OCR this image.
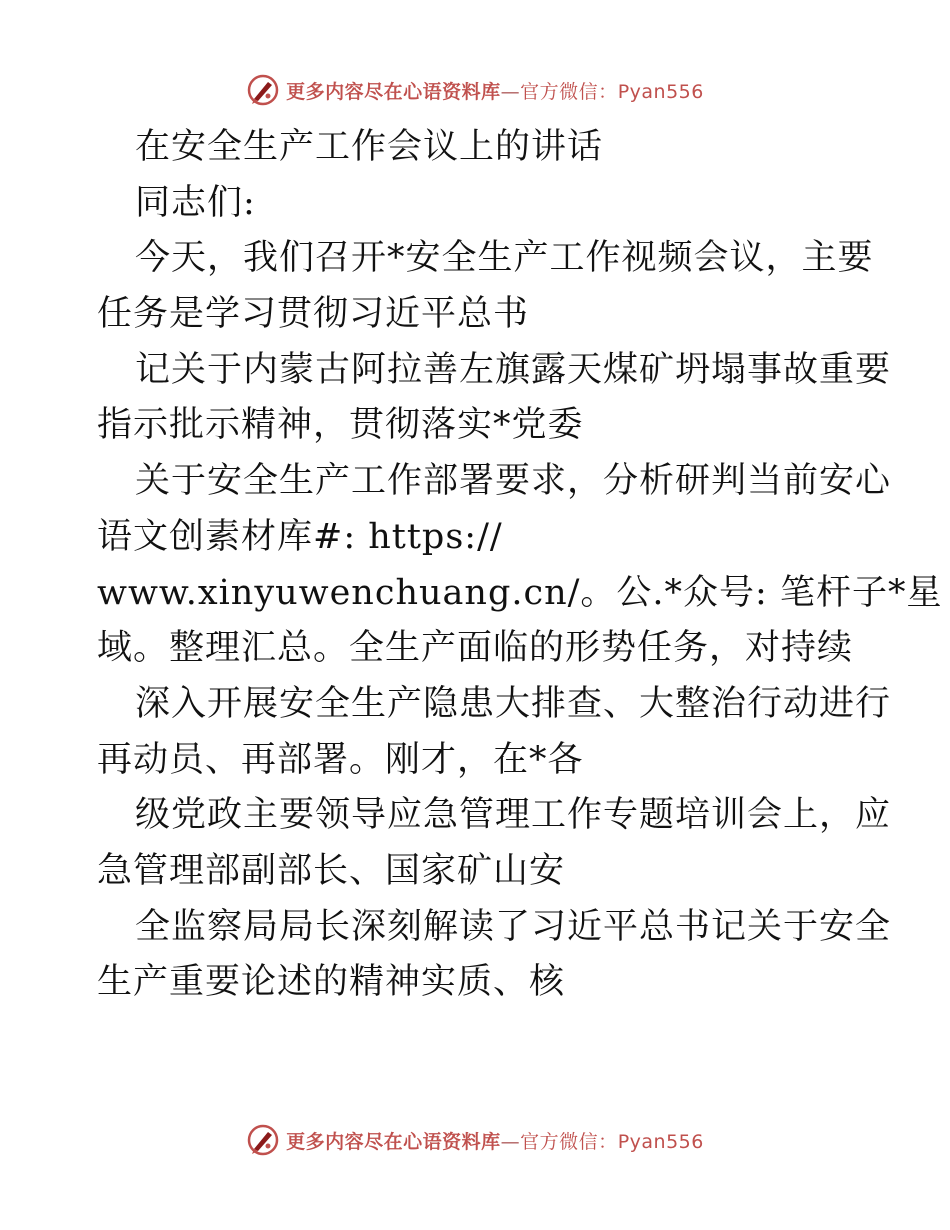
更多内容尽在心语资料库—官方微信：Pyan556
在安全生产工作会议上的讲话
同志们:
今天，我们召开*安全生产工作视频会议，主要
任务是学习贯彻习近平总书
记关于内蒙古阿拉善左旗露天煤矿坍塌事故重要
指示批示精神，贯彻落实*党委
关于安全生产工作部署要求，分析研判当前安心
语文创素材库#: https://
www.xinyuwenchuang.cn/。公.*众号: 笔杆子*星
域。整理汇总。全生产面临的形势任务，对持续
深入开展安全生产隐患大排查、大整治行动进行
再动员、再部署。刚才，在*各
级党政主要领导应急管理工作专题培训会上，应
急管理部副部长、国家矿山安
全监察局局长深刻解读了习近平总书记关于安全
生产重要论述的精神实质、核
更多内容尽在心语资料库—官方微信：Pyan556
